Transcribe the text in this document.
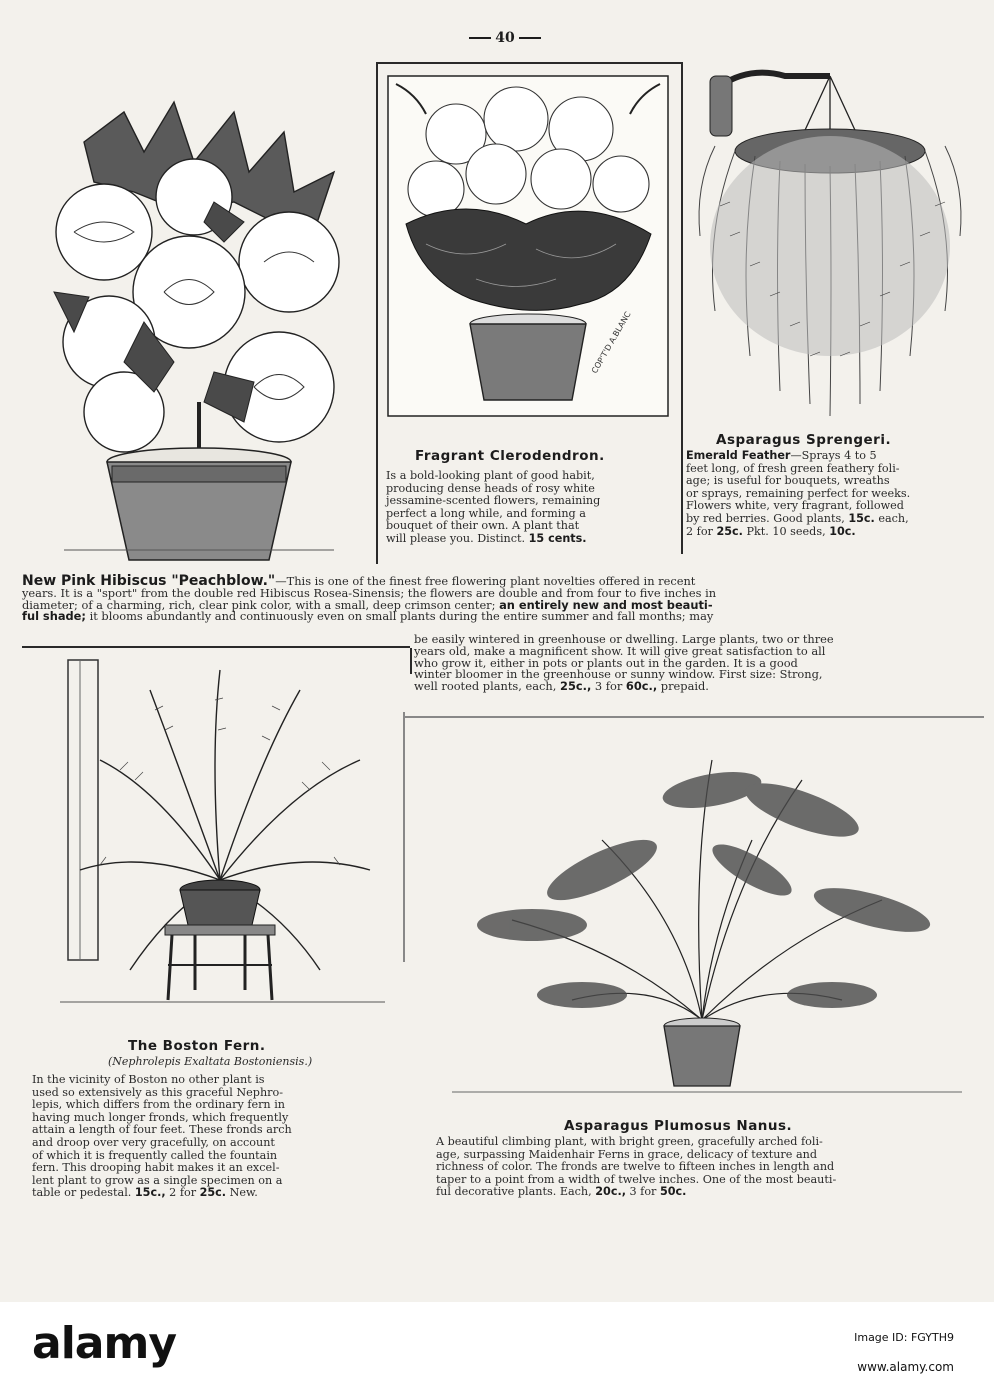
40
COP'T'D A.BLANC
Fragrant Clerodendron.
Is a bold-looking plant of good habit,
producing dense heads of rosy white
jessamine-scented flowers, remaining
perfect a long while, and forming a
bouquet of their own. A plant that
will please you. Distinct. 15 cents.
Asparagus Sprengeri.
Emerald Feather—Sprays 4 to 5
feet long, of fresh green feathery foli-
age; is useful for bouquets, wreaths
or sprays, remaining perfect for weeks.
Flowers white, very fragrant, followed
by red berries. Good plants, 15c. each,
2 for 25c. Pkt. 10 seeds, 10c.
New Pink Hibiscus "Peachblow."—This is one of the finest free flowering plant novelties offered in recent
years. It is a "sport" from the double red Hibiscus Rosea-Sinensis; the flowers are double and from four to five inches in
diameter; of a charming, rich, clear pink color, with a small, deep crimson center; an entirely new and most beauti-
ful shade; it blooms abundantly and continuously even on small plants during the entire summer and fall months; may
be easily wintered in greenhouse or dwelling. Large plants, two or three
years old, make a magnificent show. It will give great satisfaction to all
who grow it, either in pots or plants out in the garden. It is a good
winter bloomer in the greenhouse or sunny window. First size: Strong,
well rooted plants, each, 25c., 3 for 60c., prepaid.
The Boston Fern.
(Nephrolepis Exaltata Bostoniensis.)
In the vicinity of Boston no other plant is
used so extensively as this graceful Nephro-
lepis, which differs from the ordinary fern in
having much longer fronds, which frequently
attain a length of four feet. These fronds arch
and droop over very gracefully, on account
of which it is frequently called the fountain
fern. This drooping habit makes it an excel-
lent plant to grow as a single specimen on a
table or pedestal. 15c., 2 for 25c. New.
Asparagus Plumosus Nanus.
A beautiful climbing plant, with bright green, gracefully arched foli-
age, surpassing Maidenhair Ferns in grace, delicacy of texture and
richness of color. The fronds are twelve to fifteen inches in length and
taper to a point from a width of twelve inches. One of the most beauti-
ful decorative plants. Each, 20c., 3 for 50c.
alamy	Image ID: FGYTH9
www.alamy.com
